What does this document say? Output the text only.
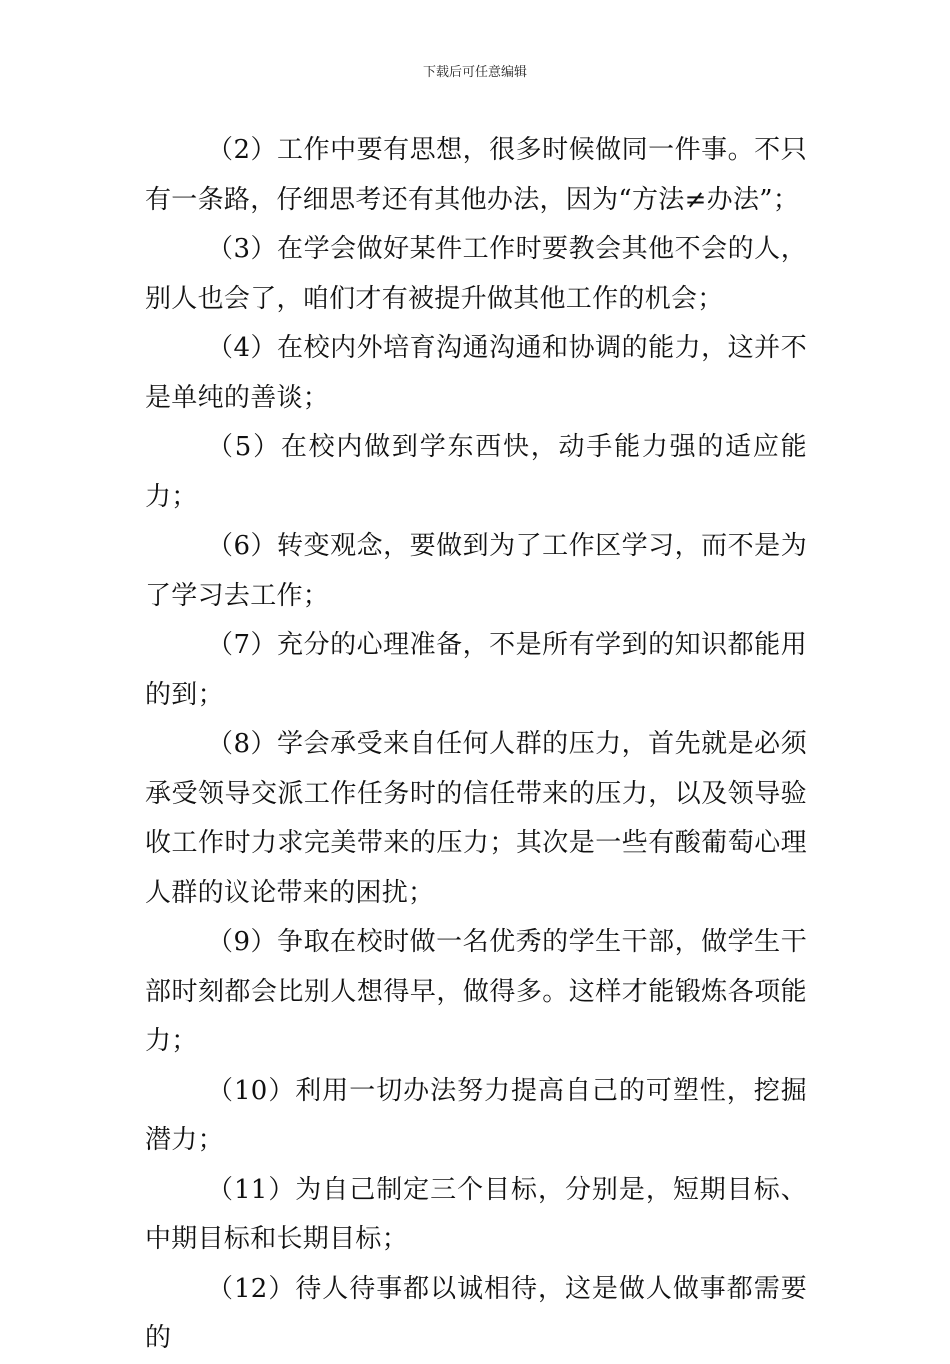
下载后可任意编辑

（2）工作中要有思想，很多时候做同一件事。不只有一条路，仔细思考还有其他办法，因为“方法≠办法”；

（3）在学会做好某件工作时要教会其他不会的人，别人也会了，咱们才有被提升做其他工作的机会；

（4）在校内外培育沟通沟通和协调的能力，这并不是单纯的善谈；

（5）在校内做到学东西快，动手能力强的适应能力；

（6）转变观念，要做到为了工作区学习，而不是为了学习去工作；

（7）充分的心理准备，不是所有学到的知识都能用的到；

（8）学会承受来自任何人群的压力，首先就是必须承受领导交派工作任务时的信任带来的压力，以及领导验收工作时力求完美带来的压力；其次是一些有酸葡萄心理人群的议论带来的困扰；

（9）争取在校时做一名优秀的学生干部，做学生干部时刻都会比别人想得早，做得多。这样才能锻炼各项能力；

（10）利用一切办法努力提高自己的可塑性，挖掘潜力；

（11）为自己制定三个目标，分别是，短期目标、中期目标和长期目标；

（12）待人待事都以诚相待，这是做人做事都需要的
